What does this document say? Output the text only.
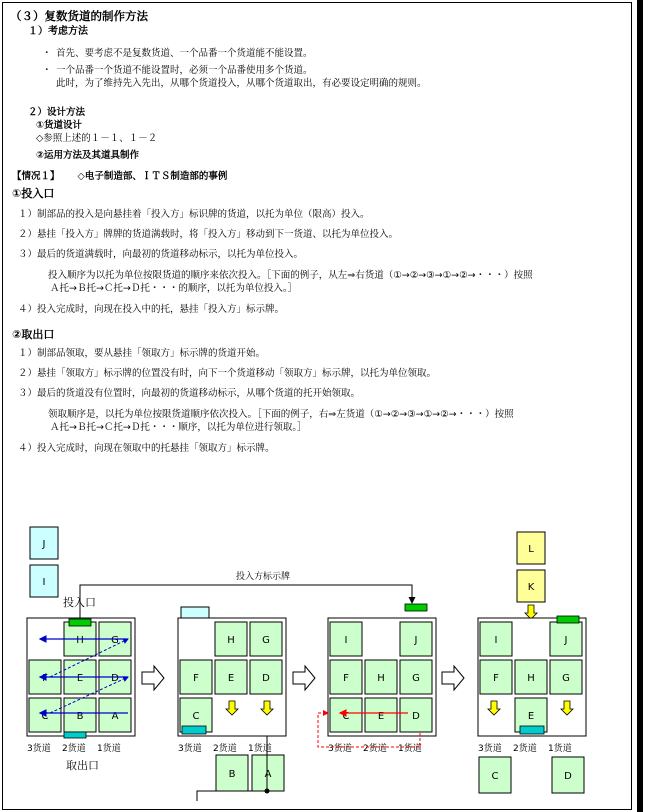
（３）复数货道的制作方法
１）考虑方法
・ 首先、要考虑不是复数货道、一个品番一个货道能不能设置。
・ 一个品番一个货道不能设置时，必须一个品番使用多个货道。
此时，为了维持先入先出，从哪个货道投入，从哪个货道取出，有必要设定明确的规则。
２）设计方法
①货道设计
◇参照上述的１－１、１－２
②运用方法及其道具制作
【情况１】 ◇电子制造部、ＩＴＳ制造部的事例
①投入口
１）制部品的投入是向悬挂着「投入方」标识牌的货道，以托为单位（限高）投入。
２）悬挂「投入方」牌牌的货道满载时，将「投入方」移动到下一货道、以托为单位投入。
３）最后的货道满载时，向最初的货道移动标示，以托为单位投入。
投入顺序为以托为单位按限货道的顺序来依次投入。［下面的例子，从左⇒右货道（①→②→③→①→②→・・・）按照
Ａ托→Ｂ托→Ｃ托→Ｄ托・・・的顺序，以托为单位投入。］
４）投入完成时，向现在投入中的托，悬挂「投入方」标示牌。
②取出口
１）制部品领取，要从悬挂「领取方」标示牌的货道开始。
２）悬挂「领取方」标示牌的位置没有时，向下一个货道移动「领取方」标示牌，以托为单位领取。
３）最后的货道没有位置时，向最初的货道移动标示，从哪个货道的托开始领取。
领取顺序是，以托为单位按限货道顺序依次投入。［下面的例子，右⇒左货道（①→②→③→①→②→・・・）按照
Ａ托→Ｂ托→Ｃ托→Ｄ托・・・顺序，以托为单位进行领取。］
４）投入完成时，向现在领取中的托悬挂「领取方」标示牌。
J
I
投入口
H	G
F	E	D
C	B	A
3货道 2货道 1货道
取出口
投入方标示牌
H	G
F	E	D
C
3货道 2货道 1货道
B	A
I	J
F	H	G
C	E	D
3货道 2货道 1货道
L
K
I	J
F	H	G
E
3货道 2货道 1货道
C	D
